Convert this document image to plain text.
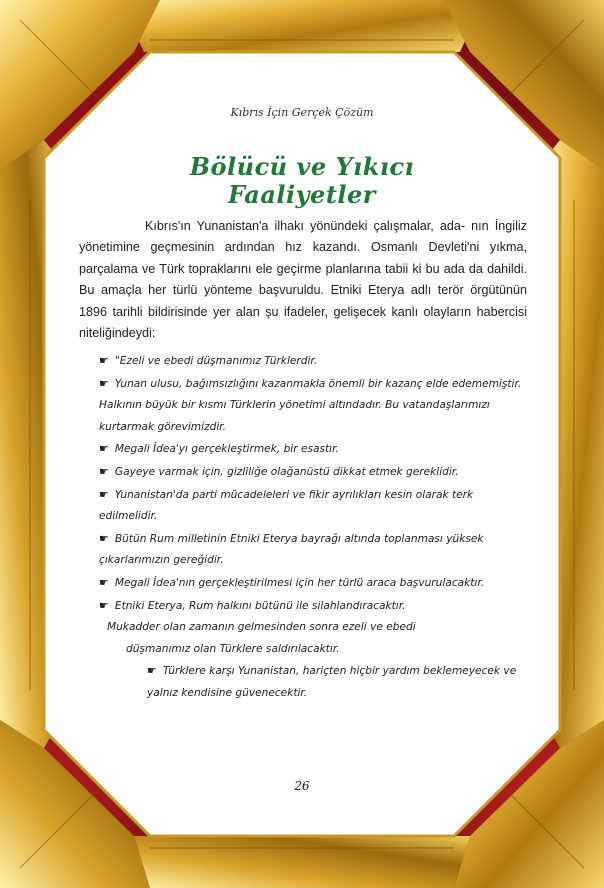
Kıbrıs İçin Gerçek Çözüm
Bölücü ve Yıkıcı
Faaliyetler

Kıbrıs'ın Yunanistan'a ilhakı yönündeki çalışmalar, ada- nın İngiliz yönetimine geçmesinin ardından hız kazandı. Osmanlı Devleti'ni yıkma, parçalama ve Türk topraklarını ele geçirme planlarına tabii ki bu ada da dahildi. Bu amaçla her türlü yönteme başvuruldu. Etniki Eterya adlı terör örgütünün 1896 tarihli bildirisinde yer alan şu ifadeler, gelişecek kanlı olayların habercisi niteliğindeydi:

☛ "Ezeli ve ebedi düşmanımız Türklerdir.

☛ Yunan ulusu, bağımsızlığını kazanmakla önemli bir kazanç elde edememiştir. Halkının büyük bir kısmı Türklerin yönetimi altındadır. Bu vatandaşlarımızı kurtarmak görevimizdir.

☛ Megali İdea'yı gerçekleştirmek, bir esastır.

☛ Gayeye varmak için, gizliliğe olağanüstü dikkat etmek gereklidir.

☛ Yunanistan'da parti mücadeleleri ve fikir ayrılıkları kesin olarak terk edilmelidir.

☛ Bütün Rum milletinin Etniki Eterya bayrağı altında toplanması yüksek çıkarlarımızın gereğidir.

☛ Megali İdea'nın gerçekleştirilmesi için her türlü araca başvurulacaktır.

☛ Etniki Eterya, Rum halkını bütünü ile silahlandıracaktır.

Mukadder olan zamanın gelmesinden sonra ezeli ve ebedi

düşmanımız olan Türklere saldırılacaktır.

☛ Türklere karşı Yunanistan, hariçten hiçbir yardım beklemeyecek ve yalnız kendisine güvenecektir.

26
